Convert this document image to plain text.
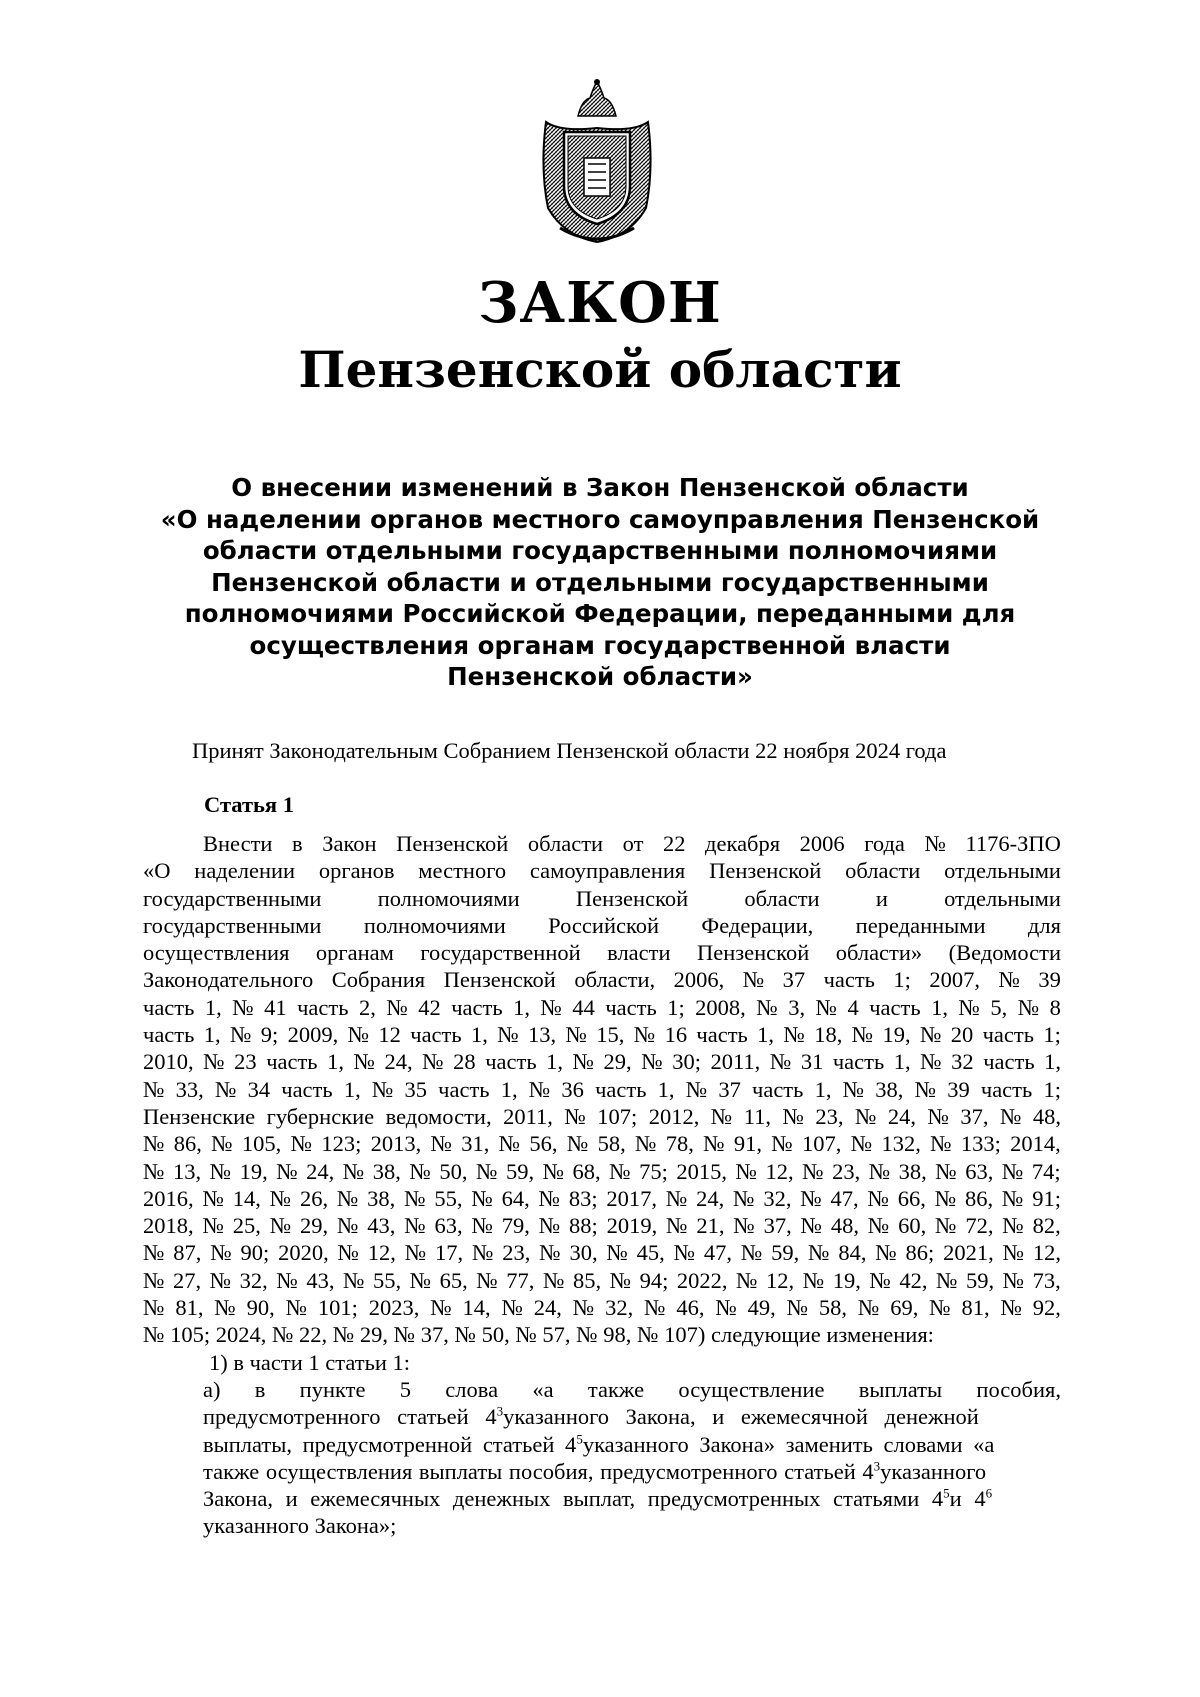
ЗАКОН
Пензенской области
О внесении изменений в Закон Пензенской области
«О наделении органов местного самоуправления Пензенской
области отдельными государственными полномочиями
Пензенской области и отдельными государственными
полномочиями Российской Федерации, переданными для
осуществления органам государственной власти
Пензенской области»
Принят Законодательным Собранием Пензенской области 22 ноября 2024 года
Статья 1
Внести в Закон Пензенской области от 22 декабря 2006 года № 1176-ЗПО
«О наделении органов местного самоуправления Пензенской области отдельными
государственными полномочиями Пензенской области и отдельными
государственными полномочиями Российской Федерации, переданными для
осуществления органам государственной власти Пензенской области» (Ведомости
Законодательного Собрания Пензенской области, 2006, № 37 часть 1; 2007, № 39
часть 1, № 41 часть 2, № 42 часть 1, № 44 часть 1; 2008, № 3, № 4 часть 1, № 5, № 8
часть 1, № 9; 2009, № 12 часть 1, № 13, № 15, № 16 часть 1, № 18, № 19, № 20 часть 1;
2010, № 23 часть 1, № 24, № 28 часть 1, № 29, № 30; 2011, № 31 часть 1, № 32 часть 1,
№ 33, № 34 часть 1, № 35 часть 1, № 36 часть 1, № 37 часть 1, № 38, № 39 часть 1;
Пензенские губернские ведомости, 2011, № 107; 2012, № 11, № 23, № 24, № 37, № 48,
№ 86, № 105, № 123; 2013, № 31, № 56, № 58, № 78, № 91, № 107, № 132, № 133; 2014,
№ 13, № 19, № 24, № 38, № 50, № 59, № 68, № 75; 2015, № 12, № 23, № 38, № 63, № 74;
2016, № 14, № 26, № 38, № 55, № 64, № 83; 2017, № 24, № 32, № 47, № 66, № 86, № 91;
2018, № 25, № 29, № 43, № 63, № 79, № 88; 2019, № 21, № 37, № 48, № 60, № 72, № 82,
№ 87, № 90; 2020, № 12, № 17, № 23, № 30, № 45, № 47, № 59, № 84, № 86; 2021, № 12,
№ 27, № 32, № 43, № 55, № 65, № 77, № 85, № 94; 2022, № 12, № 19, № 42, № 59, № 73,
№ 81, № 90, № 101; 2023, № 14, № 24, № 32, № 46, № 49, № 58, № 69, № 81, № 92,
№ 105; 2024, № 22, № 29, № 37, № 50, № 57, № 98, № 107) следующие изменения:
1) в части 1 статьи 1:
а) в пункте 5 слова «а также осуществление выплаты пособия,
предусмотренного статьей $4^3указанного$ Закона, и ежемесячной денежной
выплаты, предусмотренной статьей $4^5указанного$ Закона» заменить словами «а
также осуществления выплаты пособия, предусмотренного статьей $4^3указанного$
Закона, и ежемесячных денежных выплат, предусмотренных статьями $4^5и$ $4^6$
указанного Закона»;
